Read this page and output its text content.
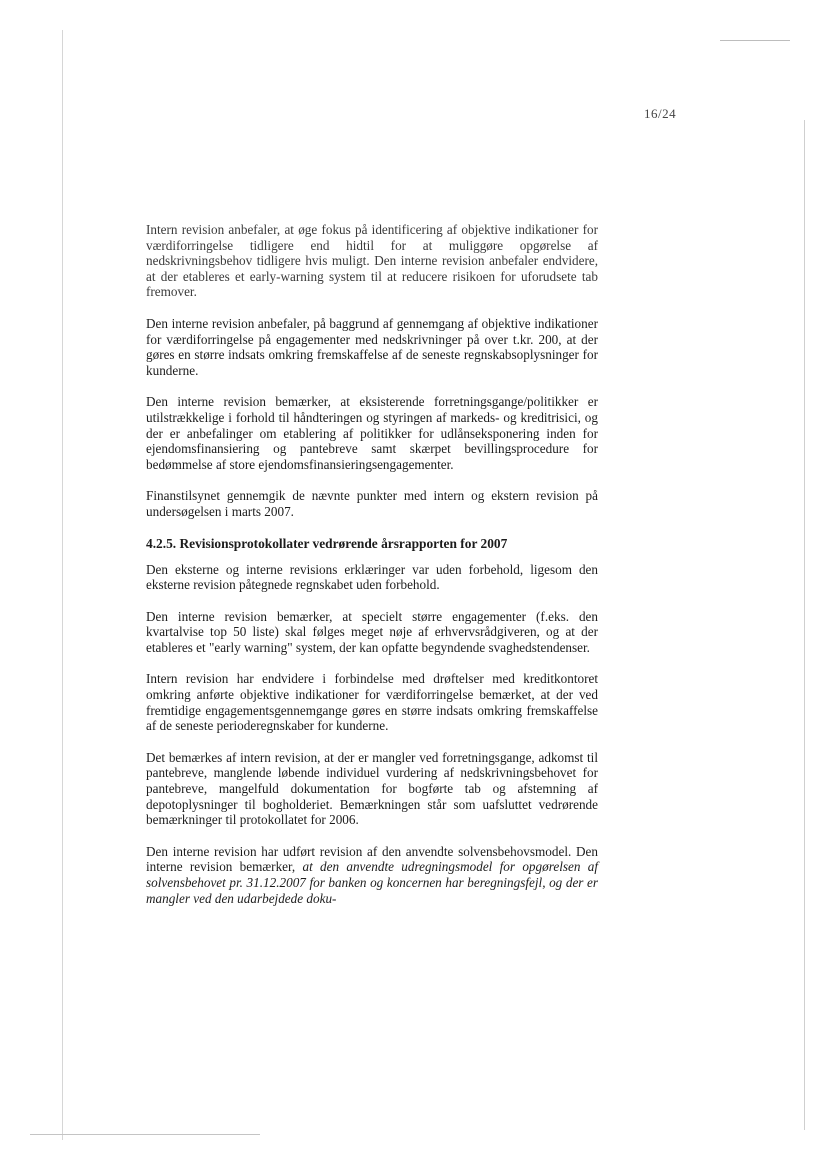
16/24

Intern revision anbefaler, at øge fokus på identificering af objektive indikationer for værdiforringelse tidligere end hidtil for at muliggøre opgørelse af nedskrivningsbehov tidligere hvis muligt. Den interne revision anbefaler endvidere, at der etableres et early-warning system til at reducere risikoen for uforudsete tab fremover.

Den interne revision anbefaler, på baggrund af gennemgang af objektive indikationer for værdiforringelse på engagementer med nedskrivninger på over t.kr. 200, at der gøres en større indsats omkring fremskaffelse af de seneste regnskabsoplysninger for kunderne.

Den interne revision bemærker, at eksisterende forretningsgange/politikker er utilstrækkelige i forhold til håndteringen og styringen af markeds- og kreditrisici, og der er anbefalinger om etablering af politikker for udlånseksponering inden for ejendomsfinansiering og pantebreve samt skærpet bevillingsprocedure for bedømmelse af store ejendomsfinansieringsengagementer.

Finanstilsynet gennemgik de nævnte punkter med intern og ekstern revision på undersøgelsen i marts 2007.

4.2.5. Revisionsprotokollater vedrørende årsrapporten for 2007

Den eksterne og interne revisions erklæringer var uden forbehold, ligesom den eksterne revision påtegnede regnskabet uden forbehold.

Den interne revision bemærker, at specielt større engagementer (f.eks. den kvartalvise top 50 liste) skal følges meget nøje af erhvervsrådgiveren, og at der etableres et "early warning" system, der kan opfatte begyndende svaghedstendenser.

Intern revision har endvidere i forbindelse med drøftelser med kreditkontoret omkring anførte objektive indikationer for værdiforringelse bemærket, at der ved fremtidige engagementsgennemgange gøres en større indsats omkring fremskaffelse af de seneste perioderegnskaber for kunderne.

Det bemærkes af intern revision, at der er mangler ved forretningsgange, adkomst til pantebreve, manglende løbende individuel vurdering af nedskrivningsbehovet for pantebreve, mangelfuld dokumentation for bogførte tab og afstemning af depotoplysninger til bogholderiet. Bemærkningen står som uafsluttet vedrørende bemærkninger til protokollatet for 2006.

Den interne revision har udført revision af den anvendte solvensbehovsmodel. Den interne revision bemærker, at den anvendte udregningsmodel for opgørelsen af solvensbehovet pr. 31.12.2007 for banken og koncernen har beregningsfejl, og der er mangler ved den udarbejdede doku-
